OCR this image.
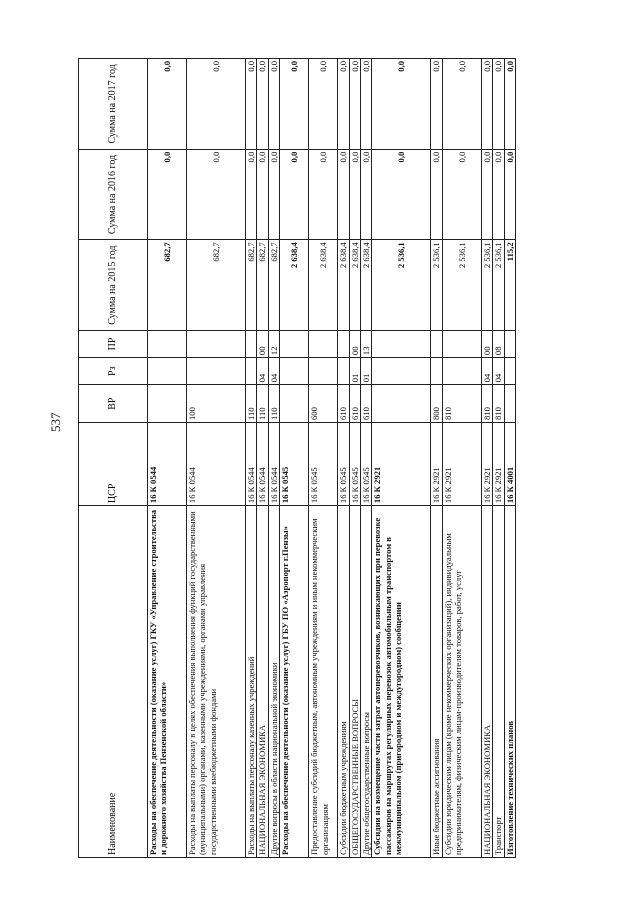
537
Наименование	ЦСР	ВР	Рз	ПР	Сумма на 2015 год	Сумма на 2016 год	Сумма на 2017 год
Расходы на обеспечение деятельности (оказание услуг) ГКУ «Управление строительства и дорожного хозяйства Пензенской области»	16 К 0544				682,7	0,0	0,0
Расходы на выплаты персоналу в целях обеспечения выполнения функций государственными (муниципальными) органами, казенными учреждениями, органами управления государственными внебюджетными фондами	16 К 0544	100			682,7	0,0	0,0
Расходы на выплаты персоналу казенных учреждений	16 К 0544	110			682,7	0,0	0,0
НАЦИОНАЛЬНАЯ ЭКОНОМИКА	16 К 0544	110	04	00	682,7	0,0	0,0
Другие вопросы в области национальной экономики	16 К 0544	110	04	12	682,7	0,0	0,0
Расходы на обеспечение деятельности (оказание услуг) ГБУ ПО «Аэропорт г.Пензы»	16 К 0545				2 638,4	0,0	0,0
Предоставление субсидий бюджетным, автономным учреждениям и иным некоммерческим организациям	16 К 0545	600			2 638,4	0,0	0,0
Субсидии бюджетным учреждениям	16 К 0545	610			2 638,4	0,0	0,0
ОБЩЕГОСУДАРСТВЕННЫЕ ВОПРОСЫ	16 К 0545	610	01	00	2 638,4	0,0	0,0
Другие общегосударственные вопросы	16 К 0545	610	01	13	2 638,4	0,0	0,0
Субсидии на возмещение части затрат автоперевозчиков, возникающих при перевозке пассажиров на маршрутах регулярных перевозок автомобильным транспортом в межмуниципальном (пригородном и междугородном) сообщении	16 К 2921				2 536,1	0,0	0,0
Иные бюджетные ассигнования	16 К 2921	800			2 536,1	0,0	0,0
Субсидии юридическим лицам (кроме некоммерческих организаций), индивидуальным предпринимателям, физическим лицам-производителям товаров, работ, услуг	16 К 2921	810			2 536,1	0,0	0,0
НАЦИОНАЛЬНАЯ ЭКОНОМИКА	16 К 2921	810	04	00	2 536,1	0,0	0,0
Транспорт	16 К 2921	810	04	08	2 536,1	0,0	0,0
Изготовление технических планов	16 К 4001				115,2	0,0	0,0
